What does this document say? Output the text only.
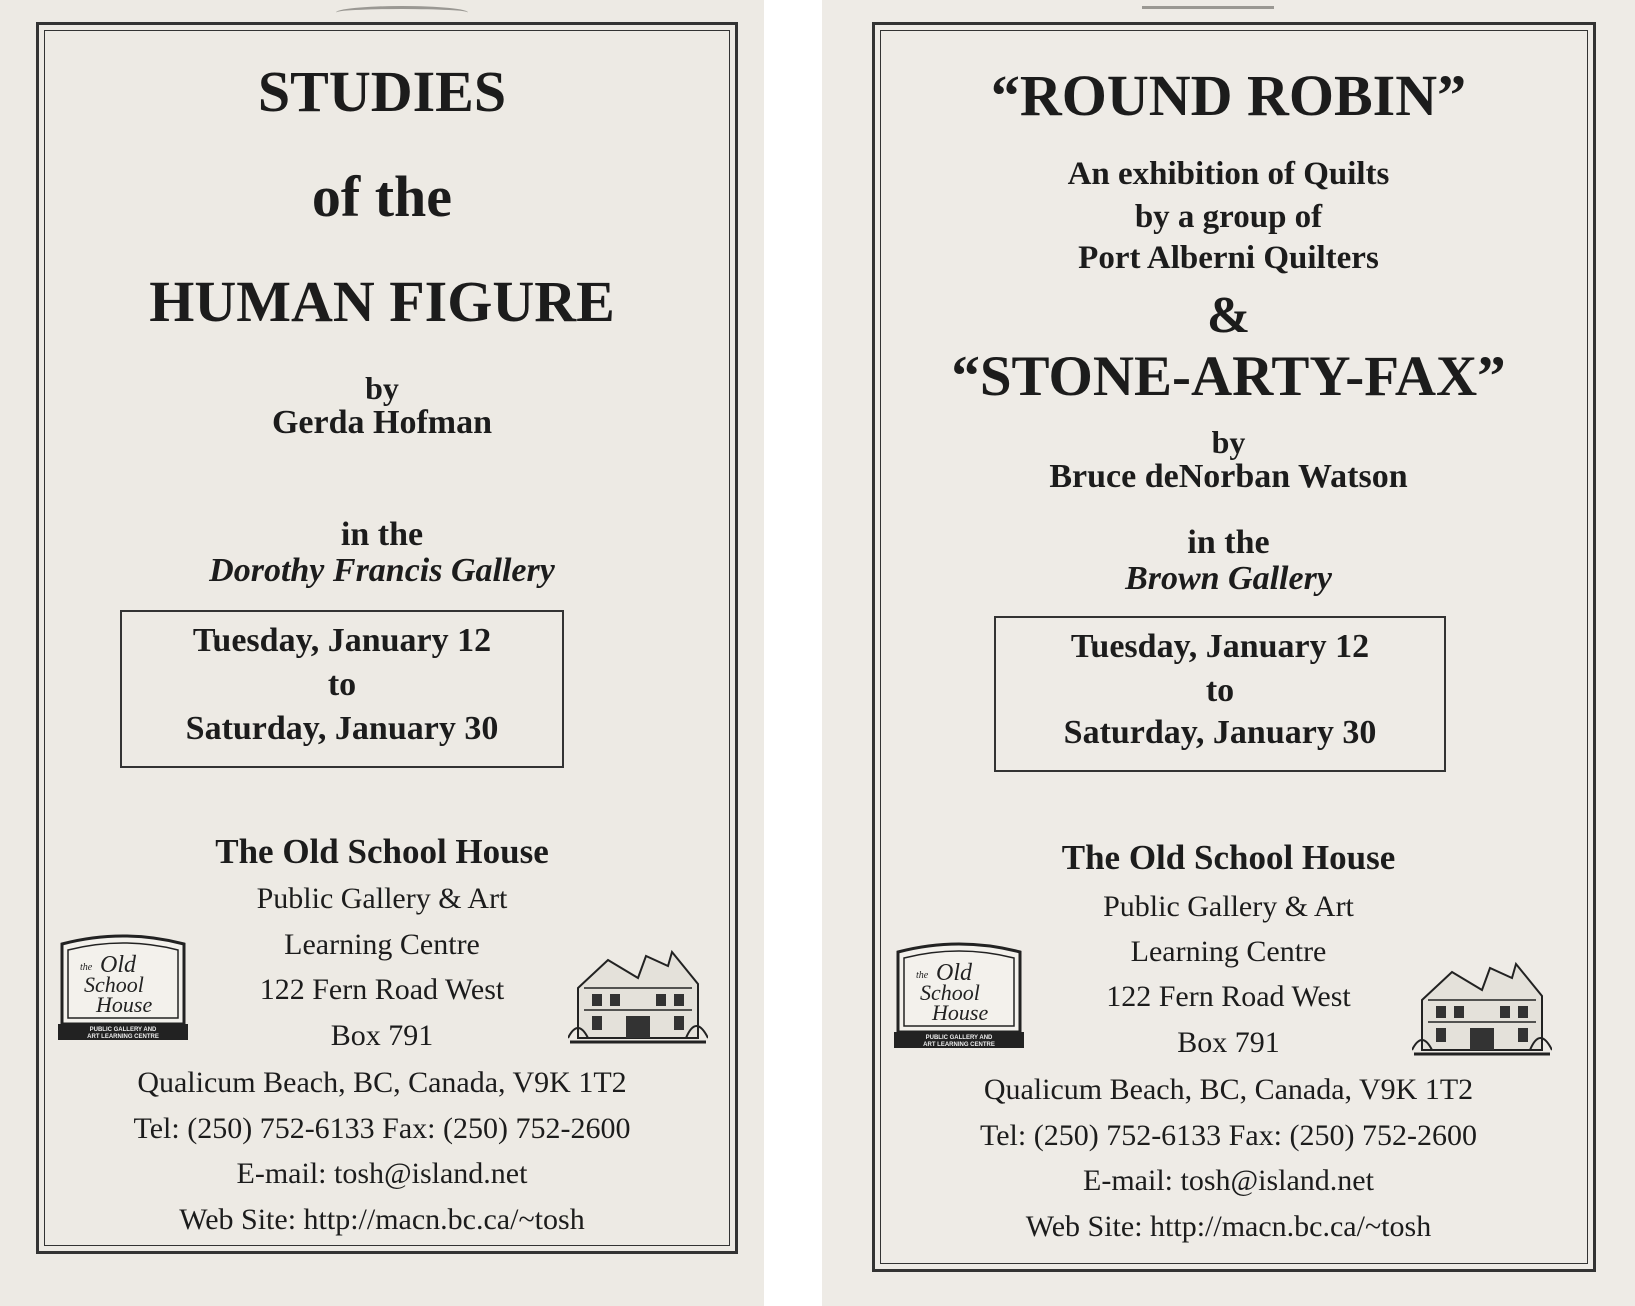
STUDIES
of the
HUMAN FIGURE
by
Gerda Hofman
in the
Dorothy Francis Gallery
Tuesday, January 12
to
Saturday, January 30
The Old School House
Public Gallery & Art
Learning Centre
122 Fern Road West
Box 791
Qualicum Beach, BC, Canada, V9K 1T2
Tel: (250) 752-6133 Fax: (250) 752-2600
E-mail: tosh@island.net
Web Site: http://macn.bc.ca/~tosh
the Old
School
House
PUBLIC GALLERY AND
ART LEARNING CENTRE
“ROUND ROBIN”
An exhibition of Quilts
by a group of
Port Alberni Quilters
&
“STONE-ARTY-FAX”
by
Bruce deNorban Watson
in the
Brown Gallery
Tuesday, January 12
to
Saturday, January 30
The Old School House
Public Gallery & Art
Learning Centre
122 Fern Road West
Box 791
Qualicum Beach, BC, Canada, V9K 1T2
Tel: (250) 752-6133 Fax: (250) 752-2600
E-mail: tosh@island.net
Web Site: http://macn.bc.ca/~tosh
the Old
School
House
PUBLIC GALLERY AND
ART LEARNING CENTRE
